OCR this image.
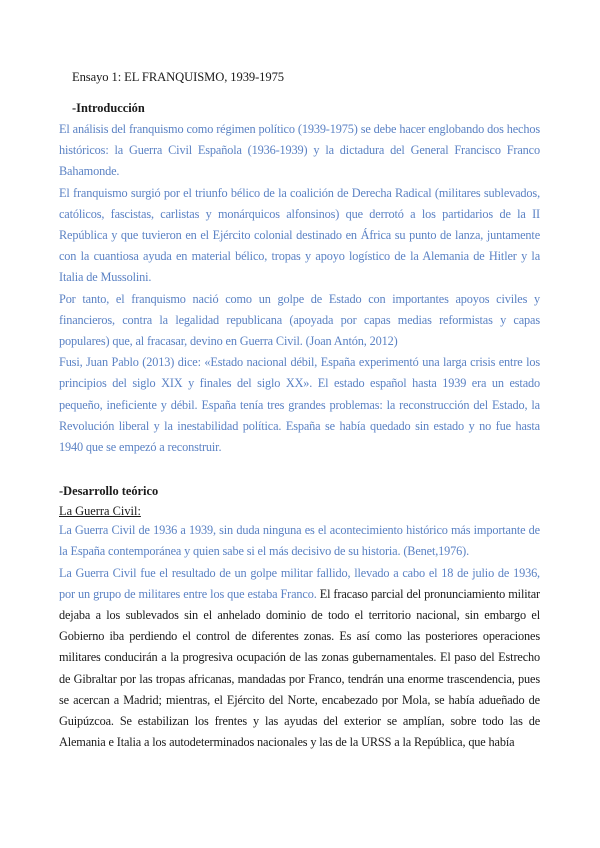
Ensayo 1: EL FRANQUISMO, 1939-1975
-Introducción

El análisis del franquismo como régimen político (1939-1975) se debe hacer englobando dos hechos históricos: la Guerra Civil Española (1936-1939) y la dictadura del General Francisco Franco Bahamonde.

El franquismo surgió por el triunfo bélico de la coalición de Derecha Radical (militares sublevados, católicos, fascistas, carlistas y monárquicos alfonsinos) que derrotó a los partidarios de la II República y que tuvieron en el Ejército colonial destinado en África su punto de lanza, juntamente con la cuantiosa ayuda en material bélico, tropas y apoyo logístico de la Alemania de Hitler y la Italia de Mussolini.

Por tanto, el franquismo nació como un golpe de Estado con importantes apoyos civiles y financieros, contra la legalidad republicana (apoyada por capas medias reformistas y capas populares) que, al fracasar, devino en Guerra Civil. (Joan Antón, 2012)

Fusi, Juan Pablo (2013) dice: «Estado nacional débil, España experimentó una larga crisis entre los principios del siglo XIX y finales del siglo XX». El estado español hasta 1939 era un estado pequeño, ineficiente y débil. España tenía tres grandes problemas: la reconstrucción del Estado, la Revolución liberal y la inestabilidad política. España se había quedado sin estado y no fue hasta 1940 que se empezó a reconstruir.

-Desarrollo teórico
La Guerra Civil:

La Guerra Civil de 1936 a 1939, sin duda ninguna es el acontecimiento histórico más importante de la España contemporánea y quien sabe si el más decisivo de su historia. (Benet,1976).

La Guerra Civil fue el resultado de un golpe militar fallido, llevado a cabo el 18 de julio de 1936, por un grupo de militares entre los que estaba Franco. El fracaso parcial del pronunciamiento militar dejaba a los sublevados sin el anhelado dominio de todo el territorio nacional, sin embargo el Gobierno iba perdiendo el control de diferentes zonas. Es así como las posteriores operaciones militares conducirán a la progresiva ocupación de las zonas gubernamentales. El paso del Estrecho de Gibraltar por las tropas africanas, mandadas por Franco, tendrán una enorme trascendencia, pues se acercan a Madrid; mientras, el Ejército del Norte, encabezado por Mola, se había adueñado de Guipúzcoa. Se estabilizan los frentes y las ayudas del exterior se amplían, sobre todo las de Alemania e Italia a los autodeterminados nacionales y las de la URSS a la República, que había
